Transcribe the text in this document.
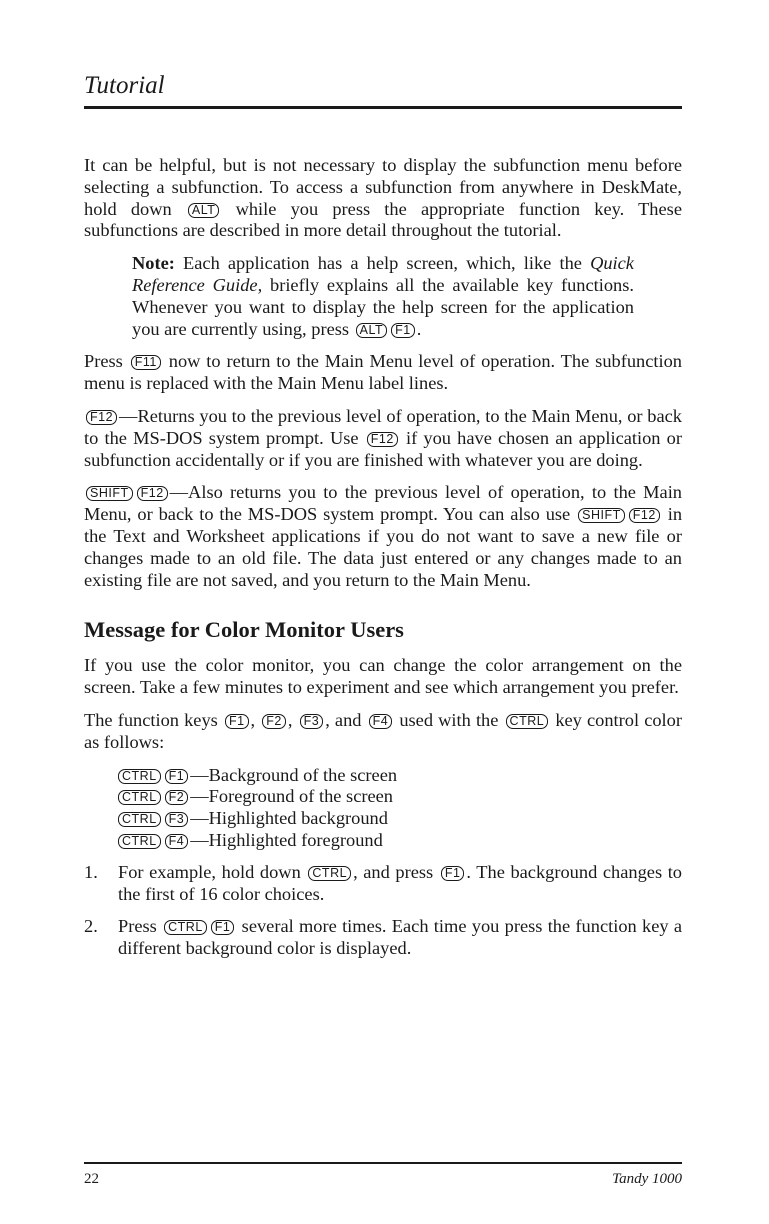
Tutorial

It can be helpful, but is not necessary to display the subfunction menu before selecting a subfunction. To access a subfunction from anywhere in DeskMate, hold down ALT while you press the appropriate function key. These subfunctions are described in more detail throughout the tutorial.

Note: Each application has a help screen, which, like the Quick Reference Guide, briefly explains all the available key functions. Whenever you want to display the help screen for the application you are currently using, press ALT F1 .

Press F11 now to return to the Main Menu level of operation. The subfunction menu is replaced with the Main Menu label lines.

F12 —Returns you to the previous level of operation, to the Main Menu, or back to the MS-DOS system prompt. Use F12 if you have chosen an application or subfunction accidentally or if you are finished with whatever you are doing.

SHIFT F12 —Also returns you to the previous level of operation, to the Main Menu, or back to the MS-DOS system prompt. You can also use SHIFT F12 in the Text and Worksheet applications if you do not want to save a new file or changes made to an old file. The data just entered or any changes made to an existing file are not saved, and you return to the Main Menu.

Message for Color Monitor Users

If you use the color monitor, you can change the color arrangement on the screen. Take a few minutes to experiment and see which arrangement you prefer.

The function keys F1 , F2 , F3 , and F4 used with the CTRL key control color as follows:

CTRL F1 —Background of the screen
CTRL F2 —Foreground of the screen
CTRL F3 —Highlighted background
CTRL F4 —Highlighted foreground
1. For example, hold down CTRL , and press F1 . The background changes to the first of 16 color choices.
2. Press CTRL F1 several more times. Each time you press the function key a different background color is displayed.
22	Tandy 1000
